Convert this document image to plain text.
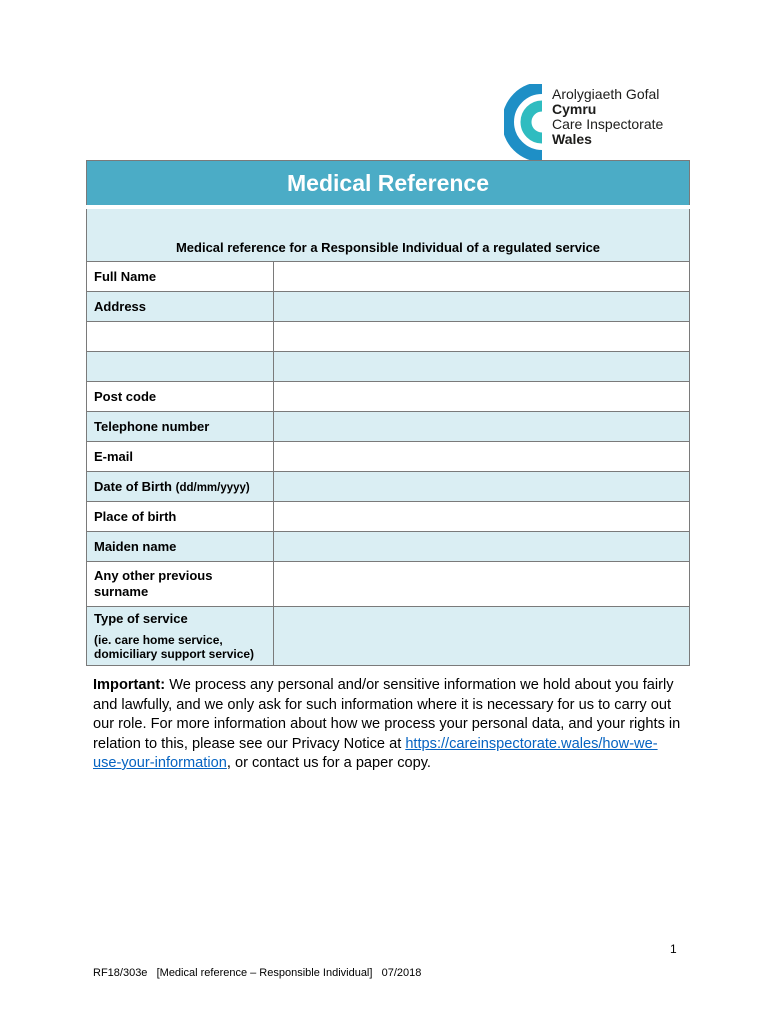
Arolygiaeth Gofal
Cymru
Care Inspectorate
Wales
Medical Reference	
Medical reference for a Responsible Individual of a regulated service	
Full Name	
Address	

Post code	
Telephone number	
E-mail	
Date of Birth (dd/mm/yyyy)	
Place of birth	
Maiden name	

Any other previous
surname	

Type of service
(ie. care home service,
domiciliary support service)	

Important: We process any personal and/or sensitive information we hold about you fairly and lawfully, and we only ask for such information where it is necessary for us to carry out our role. For more information about how we process your personal data, and your rights in relation to this, please see our Privacy Notice at https://careinspectorate.wales/how-we-use-your-information, or contact us for a paper copy.
1
RF18/303e   [Medical reference – Responsible Individual]   07/2018
